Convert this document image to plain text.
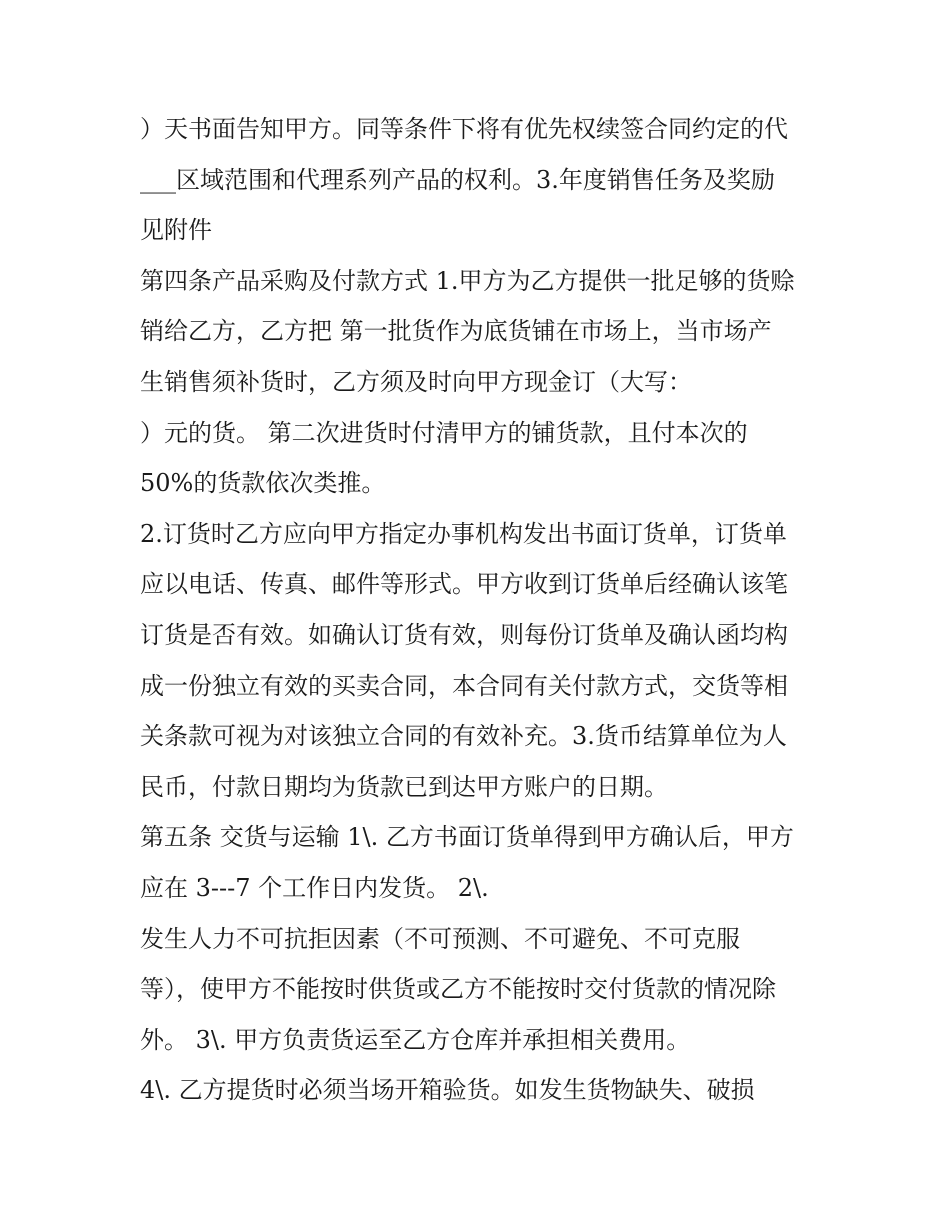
）天书面告知甲方。同等条件下将有优先权续签合同约定的代
___区域范围和代理系列产品的权利。3.年度销售任务及奖励
见附件
第四条产品采购及付款方式 1.甲方为乙方提供一批足够的货赊
销给乙方，乙方把 第一批货作为底货铺在市场上，当市场产
生销售须补货时，乙方须及时向甲方现金订（大写：
）元的货。 第二次进货时付清甲方的铺货款，且付本次的
50%的货款依次类推。
2.订货时乙方应向甲方指定办事机构发出书面订货单，订货单
应以电话、传真、邮件等形式。甲方收到订货单后经确认该笔
订货是否有效。如确认订货有效，则每份订货单及确认函均构
成一份独立有效的买卖合同，本合同有关付款方式，交货等相
关条款可视为对该独立合同的有效补充。3.货币结算单位为人
民币，付款日期均为货款已到达甲方账户的日期。
第五条 交货与运输 1\. 乙方书面订货单得到甲方确认后，甲方
应在 3---7 个工作日内发货。 2\.
发生人力不可抗拒因素（不可预测、不可避免、不可克服
等），使甲方不能按时供货或乙方不能按时交付货款的情况除
外。 3\. 甲方负责货运至乙方仓库并承担相关费用。
4\. 乙方提货时必须当场开箱验货。如发生货物缺失、破损
